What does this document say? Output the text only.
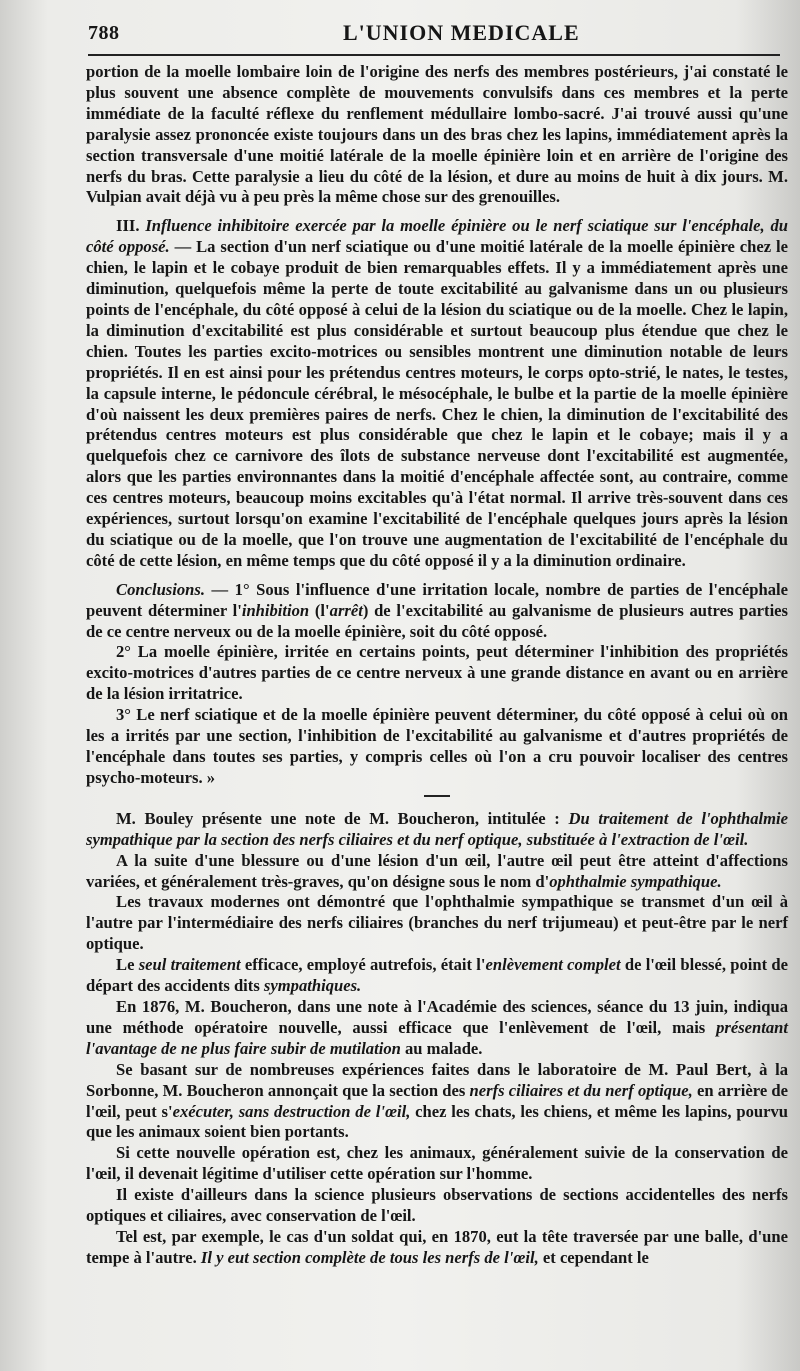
788	L'UNION MEDICALE

portion de la moelle lombaire loin de l'origine des nerfs des membres postérieurs, j'ai constaté le plus souvent une absence complète de mouvements convulsifs dans ces membres et la perte immédiate de la faculté réflexe du renflement médullaire lombo-sacré. J'ai trouvé aussi qu'une paralysie assez prononcée existe toujours dans un des bras chez les lapins, immédiatement après la section transversale d'une moitié latérale de la moelle épinière loin et en arrière de l'origine des nerfs du bras. Cette paralysie a lieu du côté de la lésion, et dure au moins de huit à dix jours. M. Vulpian avait déjà vu à peu près la même chose sur des grenouilles.

III. Influence inhibitoire exercée par la moelle épinière ou le nerf sciatique sur l'encéphale, du côté opposé. — La section d'un nerf sciatique ou d'une moitié latérale de la moelle épinière chez le chien, le lapin et le cobaye produit de bien remarquables effets. Il y a immédiatement après une diminution, quelquefois même la perte de toute excitabilité au galvanisme dans un ou plusieurs points de l'encéphale, du côté opposé à celui de la lésion du sciatique ou de la moelle. Chez le lapin, la diminution d'excitabilité est plus considérable et surtout beaucoup plus étendue que chez le chien. Toutes les parties excito-motrices ou sensibles montrent une diminution notable de leurs propriétés. Il en est ainsi pour les prétendus centres moteurs, le corps opto-strié, le nates, le testes, la capsule interne, le pédoncule cérébral, le mésocéphale, le bulbe et la partie de la moelle épinière d'où naissent les deux premières paires de nerfs. Chez le chien, la diminution de l'excitabilité des prétendus centres moteurs est plus considérable que chez le lapin et le cobaye; mais il y a quelquefois chez ce carnivore des îlots de substance nerveuse dont l'excitabilité est augmentée, alors que les parties environnantes dans la moitié d'encéphale affectée sont, au contraire, comme ces centres moteurs, beaucoup moins excitables qu'à l'état normal. Il arrive très-souvent dans ces expériences, surtout lorsqu'on examine l'excitabilité de l'encéphale quelques jours après la lésion du sciatique ou de la moelle, que l'on trouve une augmentation de l'excitabilité de l'encéphale du côté de cette lésion, en même temps que du côté opposé il y a la diminution ordinaire.

Conclusions. — 1° Sous l'influence d'une irritation locale, nombre de parties de l'encéphale peuvent déterminer l'inhibition (l'arrêt) de l'excitabilité au galvanisme de plusieurs autres parties de ce centre nerveux ou de la moelle épinière, soit du côté opposé.

2° La moelle épinière, irritée en certains points, peut déterminer l'inhibition des propriétés excito-motrices d'autres parties de ce centre nerveux à une grande distance en avant ou en arrière de la lésion irritatrice.

3° Le nerf sciatique et de la moelle épinière peuvent déterminer, du côté opposé à celui où on les a irrités par une section, l'inhibition de l'excitabilité au galvanisme et d'autres propriétés de l'encéphale dans toutes ses parties, y compris celles où l'on a cru pouvoir localiser des centres psycho-moteurs. »

M. Bouley présente une note de M. Boucheron, intitulée : Du traitement de l'ophthalmie sympathique par la section des nerfs ciliaires et du nerf optique, substituée à l'extraction de l'œil.

A la suite d'une blessure ou d'une lésion d'un œil, l'autre œil peut être atteint d'affections variées, et généralement très-graves, qu'on désigne sous le nom d'ophthalmie sympathique.

Les travaux modernes ont démontré que l'ophthalmie sympathique se transmet d'un œil à l'autre par l'intermédiaire des nerfs ciliaires (branches du nerf trijumeau) et peut-être par le nerf optique.

Le seul traitement efficace, employé autrefois, était l'enlèvement complet de l'œil blessé, point de départ des accidents dits sympathiques.

En 1876, M. Boucheron, dans une note à l'Académie des sciences, séance du 13 juin, indiqua une méthode opératoire nouvelle, aussi efficace que l'enlèvement de l'œil, mais présentant l'avantage de ne plus faire subir de mutilation au malade.

Se basant sur de nombreuses expériences faites dans le laboratoire de M. Paul Bert, à la Sorbonne, M. Boucheron annonçait que la section des nerfs ciliaires et du nerf optique, en arrière de l'œil, peut s'exécuter, sans destruction de l'œil, chez les chats, les chiens, et même les lapins, pourvu que les animaux soient bien portants.

Si cette nouvelle opération est, chez les animaux, généralement suivie de la conservation de l'œil, il devenait légitime d'utiliser cette opération sur l'homme.

Il existe d'ailleurs dans la science plusieurs observations de sections accidentelles des nerfs optiques et ciliaires, avec conservation de l'œil.

Tel est, par exemple, le cas d'un soldat qui, en 1870, eut la tête traversée par une balle, d'une tempe à l'autre. Il y eut section complète de tous les nerfs de l'œil, et cependant le
